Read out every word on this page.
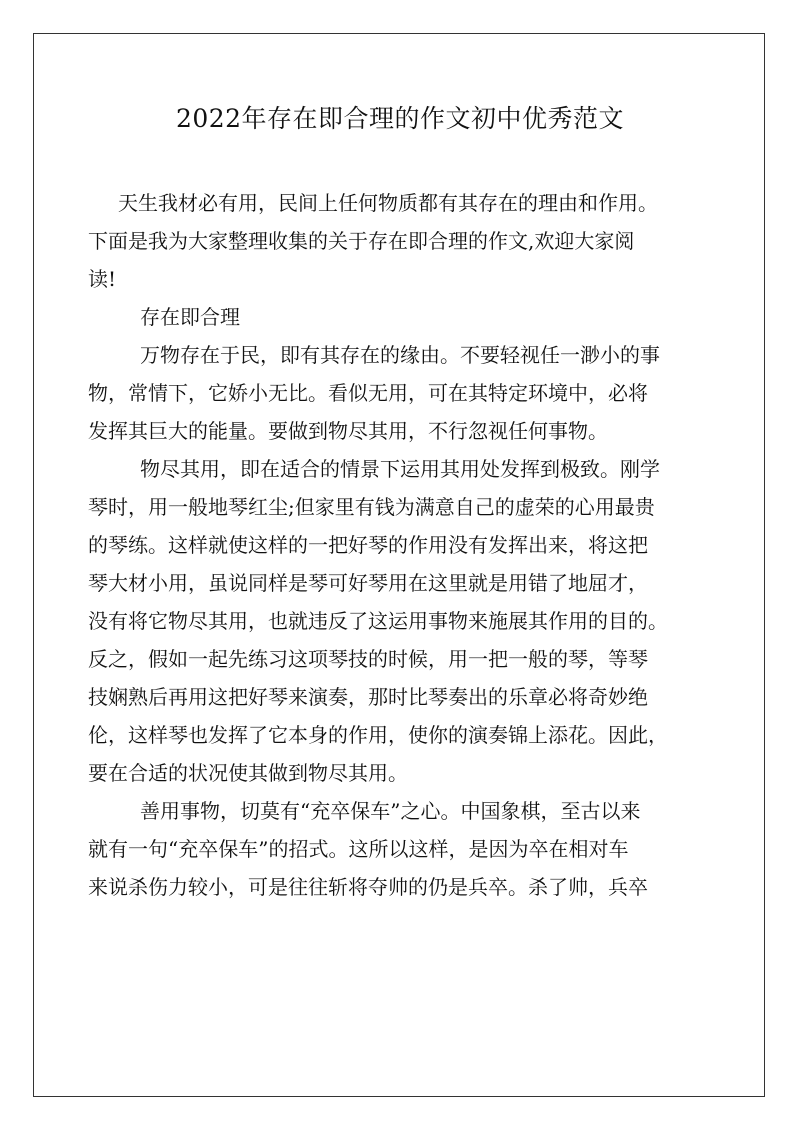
2022年存在即合理的作文初中优秀范文
天生我材必有用，民间上任何物质都有其存在的理由和作用。
下面是我为大家整理收集的关于存在即合理的作文,欢迎大家阅
读!
存在即合理
万物存在于民，即有其存在的缘由。不要轻视任一渺小的事
物，常情下，它娇小无比。看似无用，可在其特定环境中，必将
发挥其巨大的能量。要做到物尽其用，不行忽视任何事物。
物尽其用，即在适合的情景下运用其用处发挥到极致。刚学
琴时，用一般地琴红尘;但家里有钱为满意自己的虚荣的心用最贵
的琴练。这样就使这样的一把好琴的作用没有发挥出来，将这把
琴大材小用，虽说同样是琴可好琴用在这里就是用错了地屈才，
没有将它物尽其用，也就违反了这运用事物来施展其作用的目的。
反之，假如一起先练习这项琴技的时候，用一把一般的琴，等琴
技娴熟后再用这把好琴来演奏，那时比琴奏出的乐章必将奇妙绝
伦，这样琴也发挥了它本身的作用，使你的演奏锦上添花。因此，
要在合适的状况使其做到物尽其用。
善用事物，切莫有“充卒保车”之心。中国象棋，至古以来
就有一句“充卒保车”的招式。这所以这样，是因为卒在相对车
来说杀伤力较小，可是往往斩将夺帅的仍是兵卒。杀了帅，兵卒
